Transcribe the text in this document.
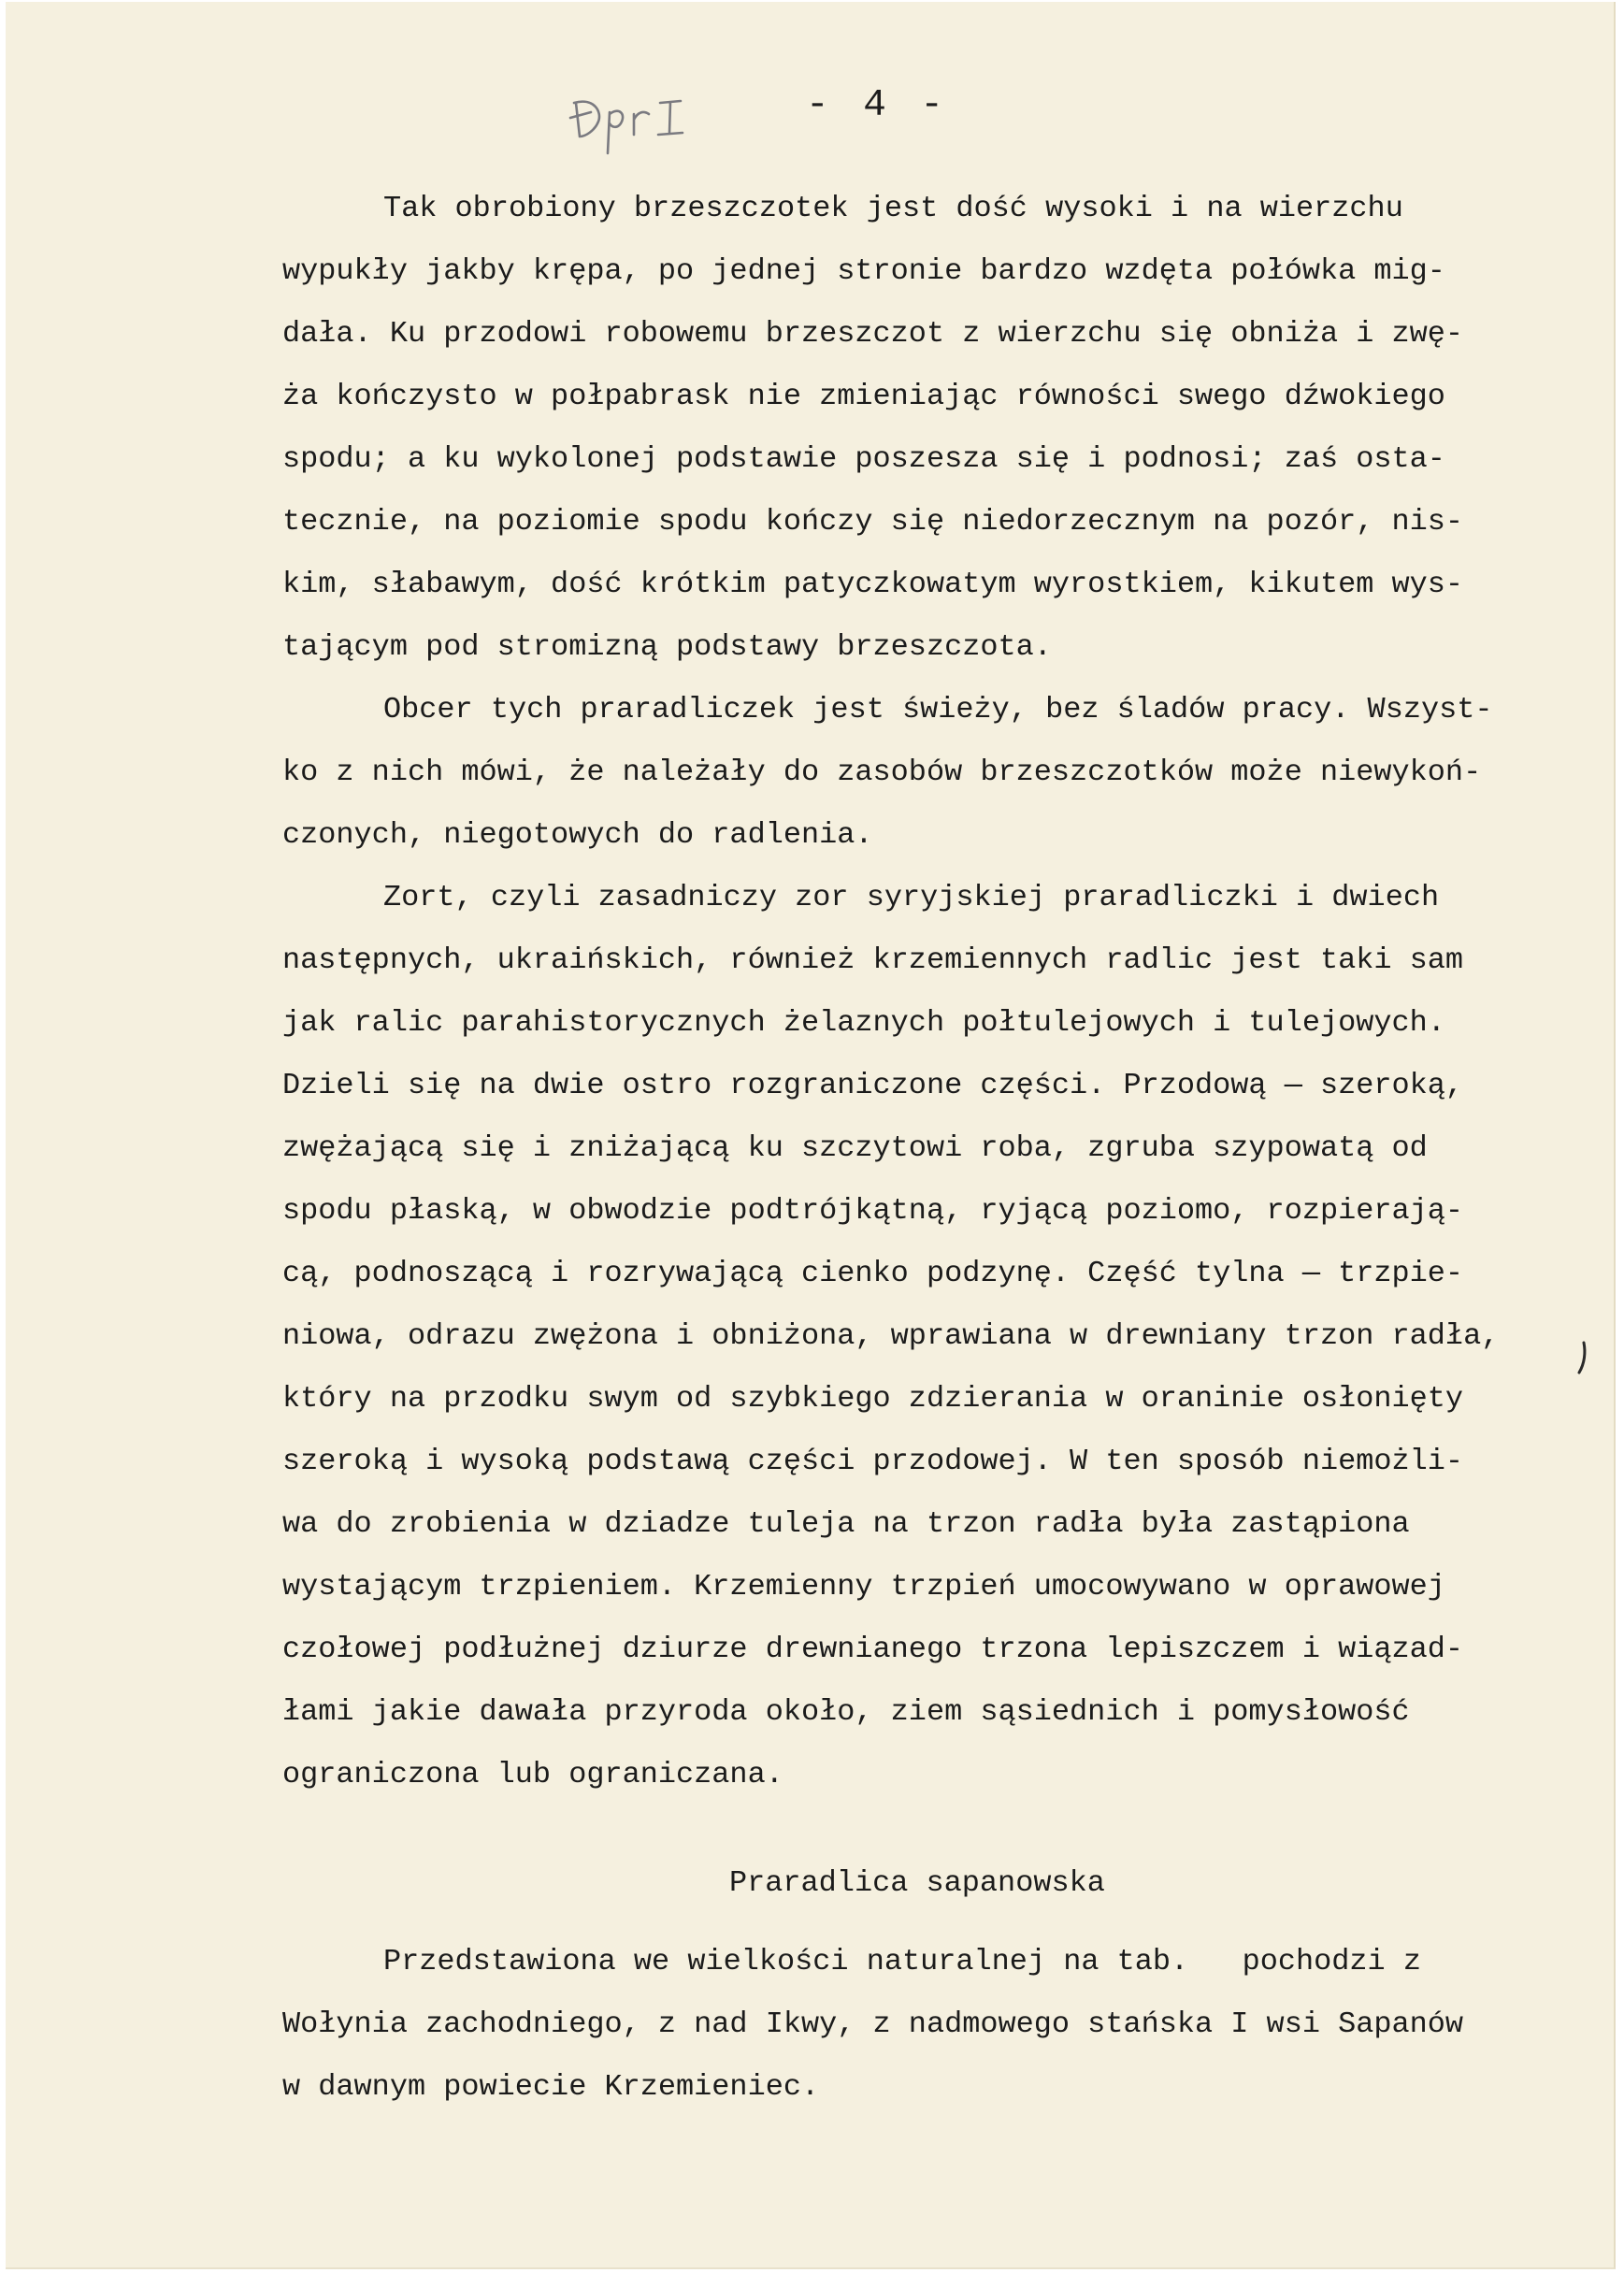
- 4 -
Tak obrobiony brzeszczotek jest dość wysoki i na wierzchu
wypukły jakby krępa, po jednej stronie bardzo wzdęta połówka mig-
dała. Ku przodowi robowemu brzeszczot z wierzchu się obniża i zwę-
ża kończysto w połpabrask nie zmieniając równości swego dźwokiego
spodu; a ku wykolonej podstawie poszesza się i podnosi; zaś osta-
tecznie, na poziomie spodu kończy się niedorzecznym na pozór, nis-
kim, słabawym, dość krótkim patyczkowatym wyrostkiem, kikutem wys-
tającym pod stromizną podstawy brzeszczota.
Obcer tych praradliczek jest świeży, bez śladów pracy. Wszyst-
ko z nich mówi, że należały do zasobów brzeszczotków może niewykoń-
czonych, niegotowych do radlenia.
Zort, czyli zasadniczy zor syryjskiej praradliczki i dwiech
następnych, ukraińskich, również krzemiennych radlic jest taki sam
jak ralic parahistorycznych żelaznych połtulejowych i tulejowych.
Dzieli się na dwie ostro rozgraniczone części. Przodową — szeroką,
zwężającą się i zniżającą ku szczytowi roba, zgruba szypowatą od
spodu płaską, w obwodzie podtrójkątną, ryjącą poziomo, rozpierają-
cą, podnoszącą i rozrywającą cienko podzynę. Część tylna — trzpie-
niowa, odrazu zwężona i obniżona, wprawiana w drewniany trzon radła,
który na przodku swym od szybkiego zdzierania w oraninie osłonięty
szeroką i wysoką podstawą części przodowej. W ten sposób niemożli-
wa do zrobienia w dziadze tuleja na trzon radła była zastąpiona
wystającym trzpieniem. Krzemienny trzpień umocowywano w oprawowej
czołowej podłużnej dziurze drewnianego trzona lepiszczem i wiązad-
łami jakie dawała przyroda około, ziem sąsiednich i pomysłowość
ograniczona lub ograniczana.
Praradlica sapanowska
Przedstawiona we wielkości naturalnej na tab.   pochodzi z
Wołynia zachodniego, z nad Ikwy, z nadmowego stańska I wsi Sapanów
w dawnym powiecie Krzemieniec.
